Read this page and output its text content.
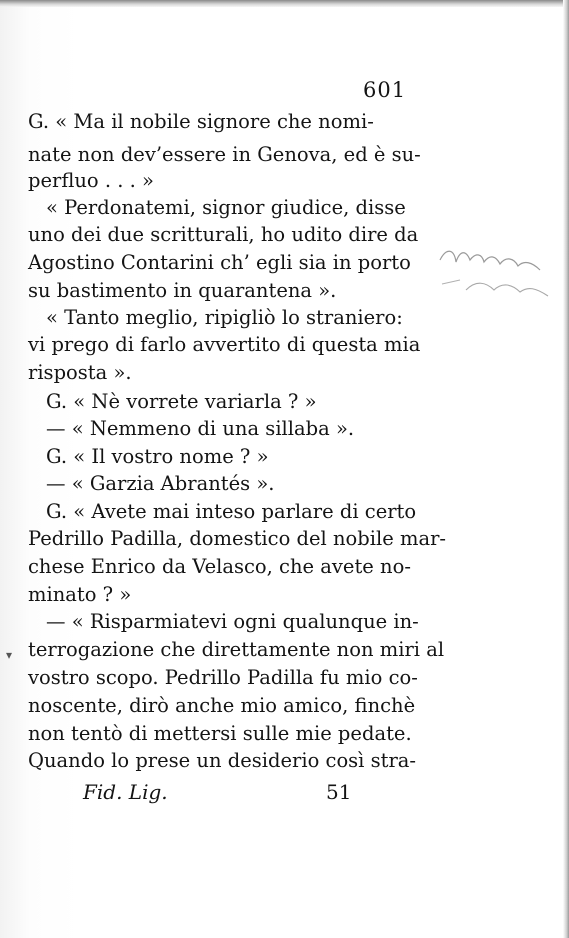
601
G. « Ma il nobile signore che nomi-
nate non dev’essere in Genova, ed è su-
perfluo . . . »
« Perdonatemi, signor giudice, disse
uno dei due scritturali, ho udito dire da
Agostino Contarini ch’ egli sia in porto
su bastimento in quarantena ».
« Tanto meglio, ripigliò lo straniero:
vi prego di farlo avvertito di questa mia
risposta ».
G. « Nè vorrete variarla ? »
— « Nemmeno di una sillaba ».
G. « Il vostro nome ? »
— « Garzia Abrantés ».
G. « Avete mai inteso parlare di certo
Pedrillo Padilla, domestico del nobile mar-
chese Enrico da Velasco, che avete no-
minato ? »
— « Risparmiatevi ogni qualunque in-
terrogazione che direttamente non miri al
vostro scopo. Pedrillo Padilla fu mio co-
noscente, dirò anche mio amico, finchè
non tentò di mettersi sulle mie pedate.
Quando lo prese un desiderio così stra-
Fid. Lig.	51
▾
